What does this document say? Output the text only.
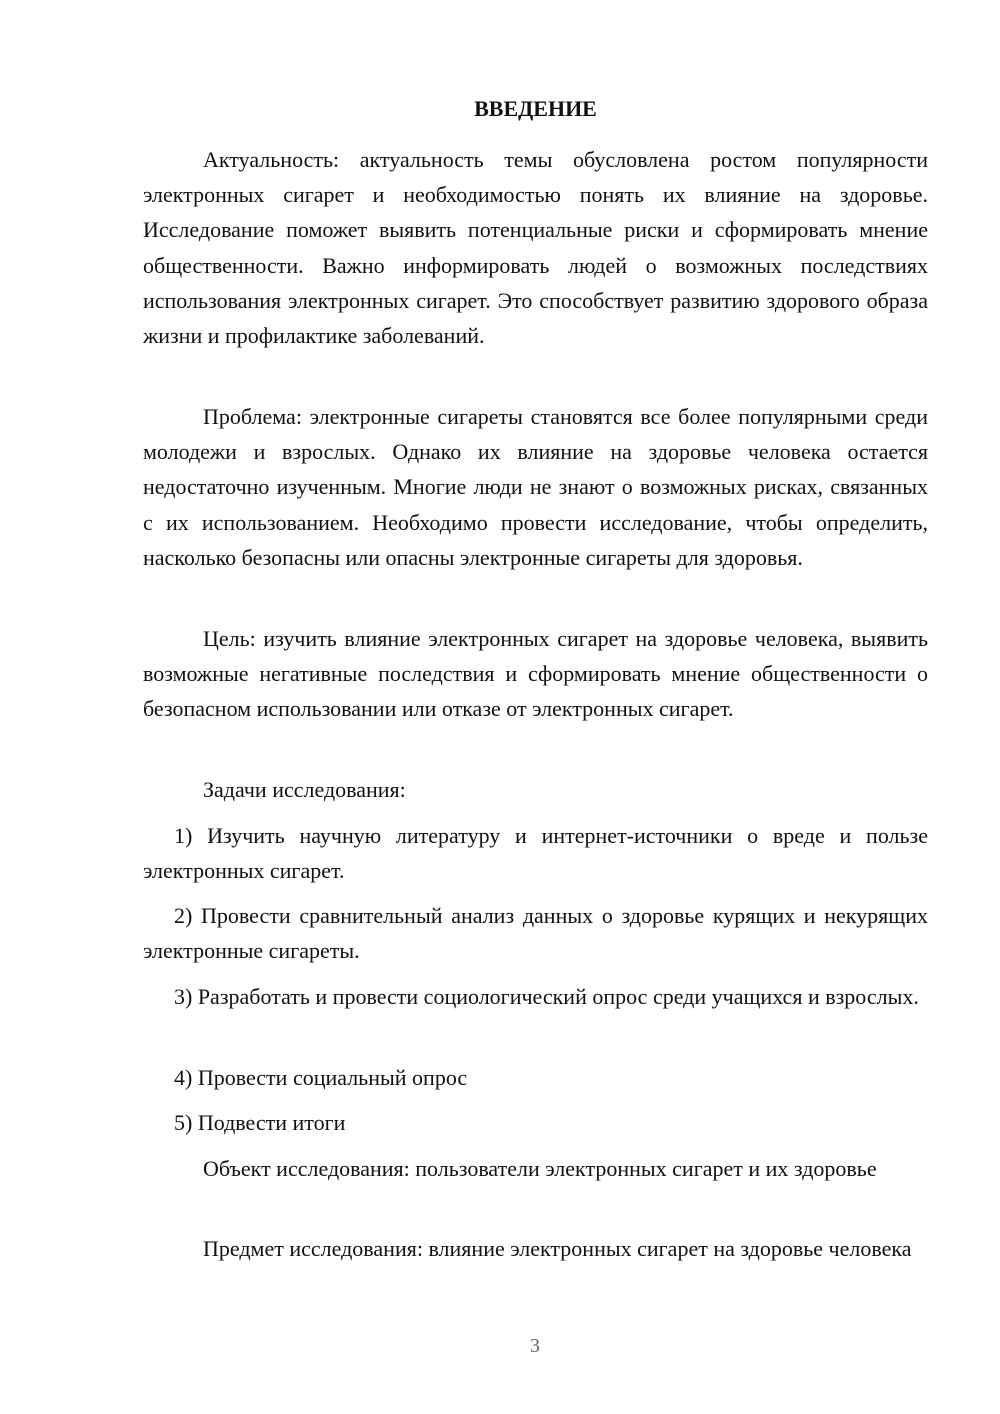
ВВЕДЕНИЕ

Актуальность: актуальность темы обусловлена ростом популярности электронных сигарет и необходимостью понять их влияние на здоровье. Исследование поможет выявить потенциальные риски и сформировать мнение общественности. Важно информировать людей о возможных последствиях использования электронных сигарет. Это способствует развитию здорового образа жизни и профилактике заболеваний.

Проблема: электронные сигареты становятся все более популярными среди молодежи и взрослых. Однако их влияние на здоровье человека остается недостаточно изученным. Многие люди не знают о возможных рисках, связанных с их использованием. Необходимо провести исследование, чтобы определить, насколько безопасны или опасны электронные сигареты для здоровья.

Цель: изучить влияние электронных сигарет на здоровье человека, выявить возможные негативные последствия и сформировать мнение общественности о безопасном использовании или отказе от электронных сигарет.

Задачи исследования:

1) Изучить научную литературу и интернет-источники о вреде и пользе электронных сигарет.

2) Провести сравнительный анализ данных о здоровье курящих и некурящих электронные сигареты.

3) Разработать и провести социологический опрос среди учащихся и взрослых.

4) Провести социальный опрос

5) Подвести итоги

Объект исследования: пользователи электронных сигарет и их здоровье

Предмет исследования: влияние электронных сигарет на здоровье человека

3
